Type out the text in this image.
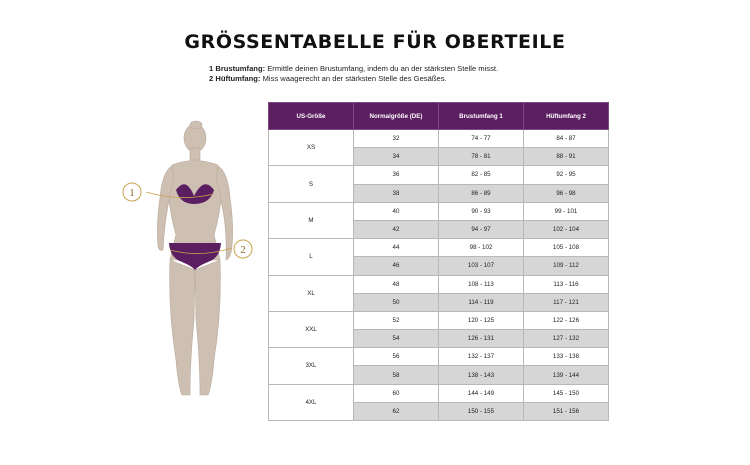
GRÖSSENTABELLE FÜR OBERTEILE
1 Brustumfang: Ermittle deinen Brustumfang, indem du an der stärksten Stelle misst.
2 Hüftumfang: Miss waagerecht an der stärksten Stelle des Gesäßes.
1
2
US-Größe	Normalgröße (DE)	Brustumfang 1	Hüftumfang 2
XS	32	74 - 77	84 - 87
	34	78 - 81	88 - 91
S	36	82 - 85	92 - 95
	38	86 - 89	96 - 98
M	40	90 - 93	99 - 101
	42	94 - 97	102 - 104
L	44	98 - 102	105 - 108
	46	103 - 107	109 - 112
XL	48	108 - 113	113 - 116
	50	114 - 119	117 - 121
XXL	52	120 - 125	122 - 126
	54	126 - 131	127 - 132
3XL	56	132 - 137	133 - 138
	58	138 - 143	139 - 144
4XL	60	144 - 149	145 - 150
	62	150 - 155	151 - 156
